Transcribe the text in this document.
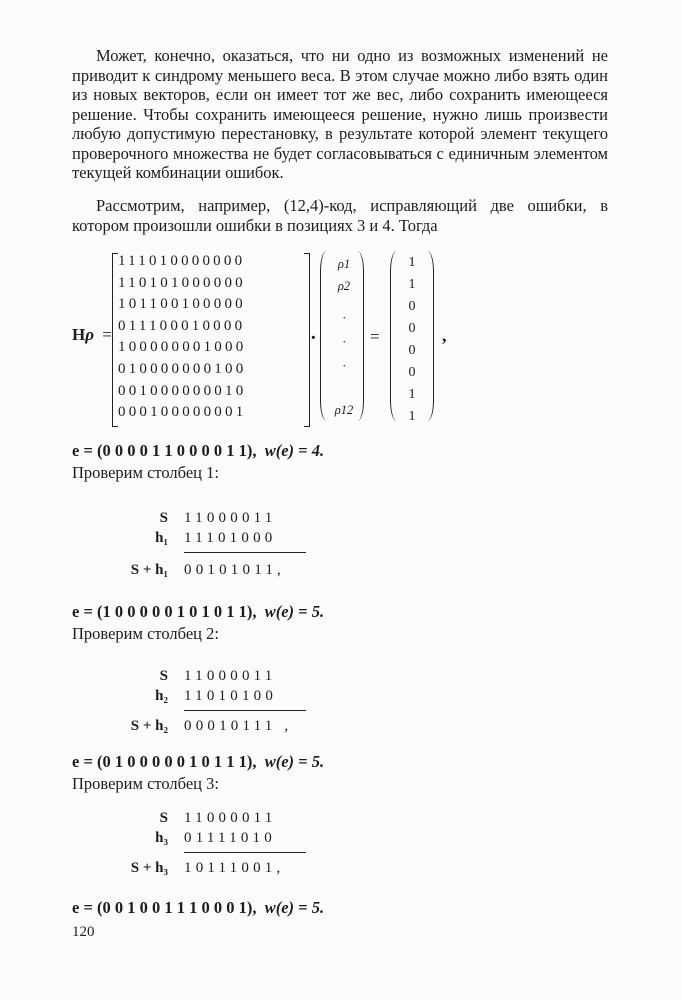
Может, конечно, оказаться, что ни одно из возможных изменений не приводит к синдрому меньшего веса. В этом случае можно либо взять один из новых векторов, если он имеет тот же вес, либо сохранить имеющееся решение. Чтобы сохранить имеющееся решение, нужно лишь произвести любую допустимую перестановку, в результате которой элемент текущего проверочного множества не будет согласовываться с единичным элементом текущей комбинации ошибок.

Рассмотрим, например, (12,4)-код, исправляющий две ошибки, в котором произошли ошибки в позициях 3 и 4. Тогда

Hρ =
111010000000
110101000000
101100100000
011100010000
100000001000
010000000100
001000000010
000100000001
·
ρ1
ρ2
·
·
·
ρ12
=
1
1
0
0
0
0
1
1
,
e = (0 0 0 0 1 1 0 0 0 0 1 1), w(e) = 4.
Проверим столбец 1:
S 11000011
h₁ 11101000
S + h₁ 00101011,
e = (1 0 0 0 0 0 1 0 1 0 1 1), w(e) = 5.
Проверим столбец 2:
S 11000011
h₂ 11010100
S + h₂ 00010111 ,
e = (0 1 0 0 0 0 0 1 0 1 1 1), w(e) = 5.
Проверим столбец 3:
S 11000011
h₃ 01111010
S + h₃ 10111001,
e = (0 0 1 0 0 1 1 1 0 0 0 1), w(e) = 5.
120
